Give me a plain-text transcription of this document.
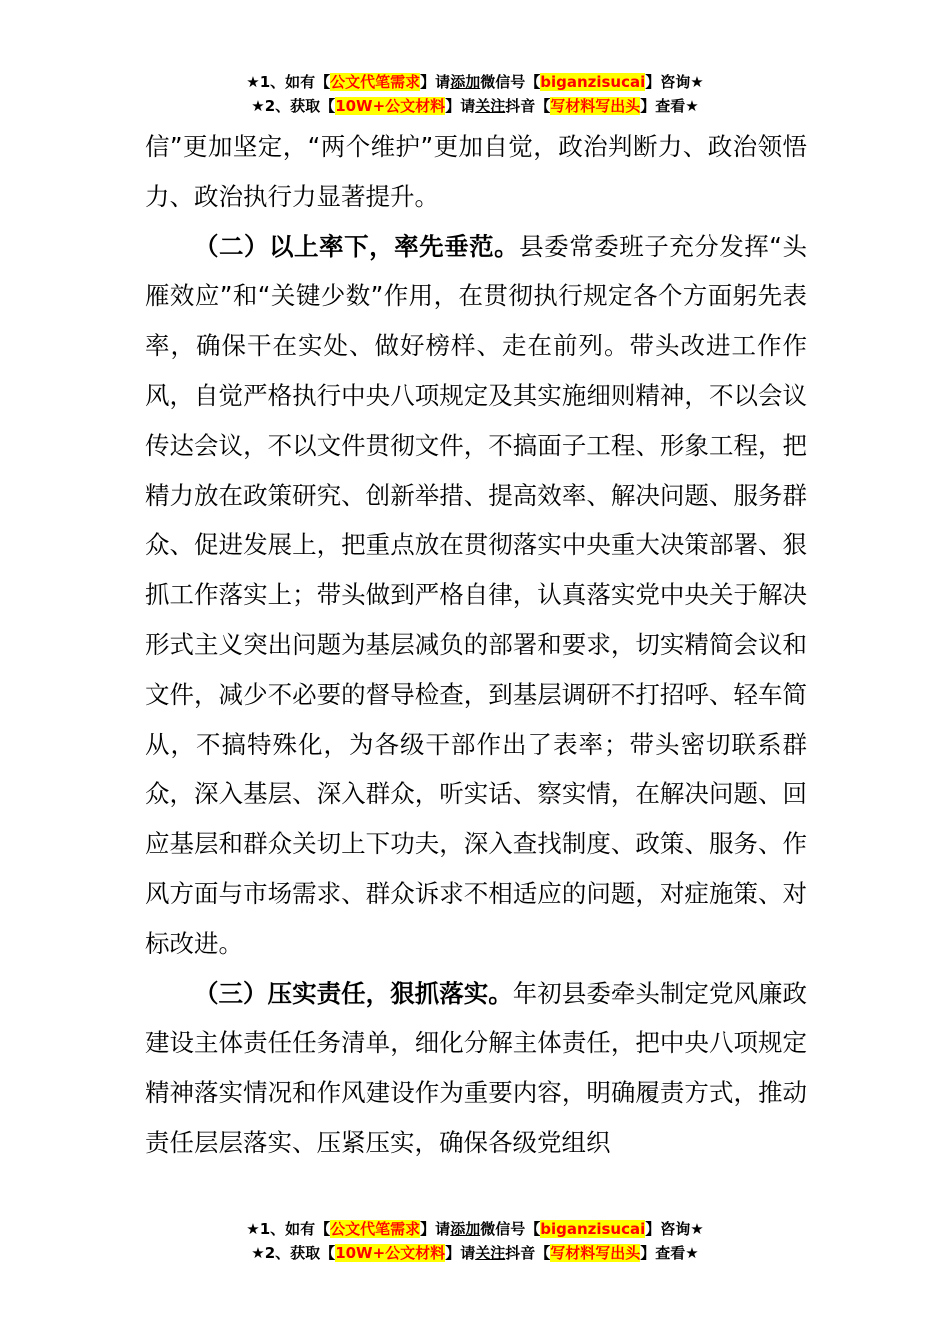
★1、如有【公文代笔需求】请添加微信号【biganzisucai】咨询★
★2、获取【10W+公文材料】请关注抖音【写材料写出头】查看★

信”更加坚定，“两个维护”更加自觉，政治判断力、政治领悟力、政治执行力显著提升。

（二）以上率下，率先垂范。县委常委班子充分发挥“头雁效应”和“关键少数”作用，在贯彻执行规定各个方面躬先表率，确保干在实处、做好榜样、走在前列。带头改进工作作风，自觉严格执行中央八项规定及其实施细则精神，不以会议传达会议，不以文件贯彻文件，不搞面子工程、形象工程，把精力放在政策研究、创新举措、提高效率、解决问题、服务群众、促进发展上，把重点放在贯彻落实中央重大决策部署、狠抓工作落实上；带头做到严格自律，认真落实党中央关于解决形式主义突出问题为基层减负的部署和要求，切实精简会议和文件，减少不必要的督导检查，到基层调研不打招呼、轻车简从，不搞特殊化，为各级干部作出了表率；带头密切联系群众，深入基层、深入群众，听实话、察实情，在解决问题、回应基层和群众关切上下功夫，深入查找制度、政策、服务、作风方面与市场需求、群众诉求不相适应的问题，对症施策、对标改进。

（三）压实责任，狠抓落实。年初县委牵头制定党风廉政建设主体责任任务清单，细化分解主体责任，把中央八项规定精神落实情况和作风建设作为重要内容，明确履责方式，推动责任层层落实、压紧压实，确保各级党组织

★1、如有【公文代笔需求】请添加微信号【biganzisucai】咨询★
★2、获取【10W+公文材料】请关注抖音【写材料写出头】查看★
